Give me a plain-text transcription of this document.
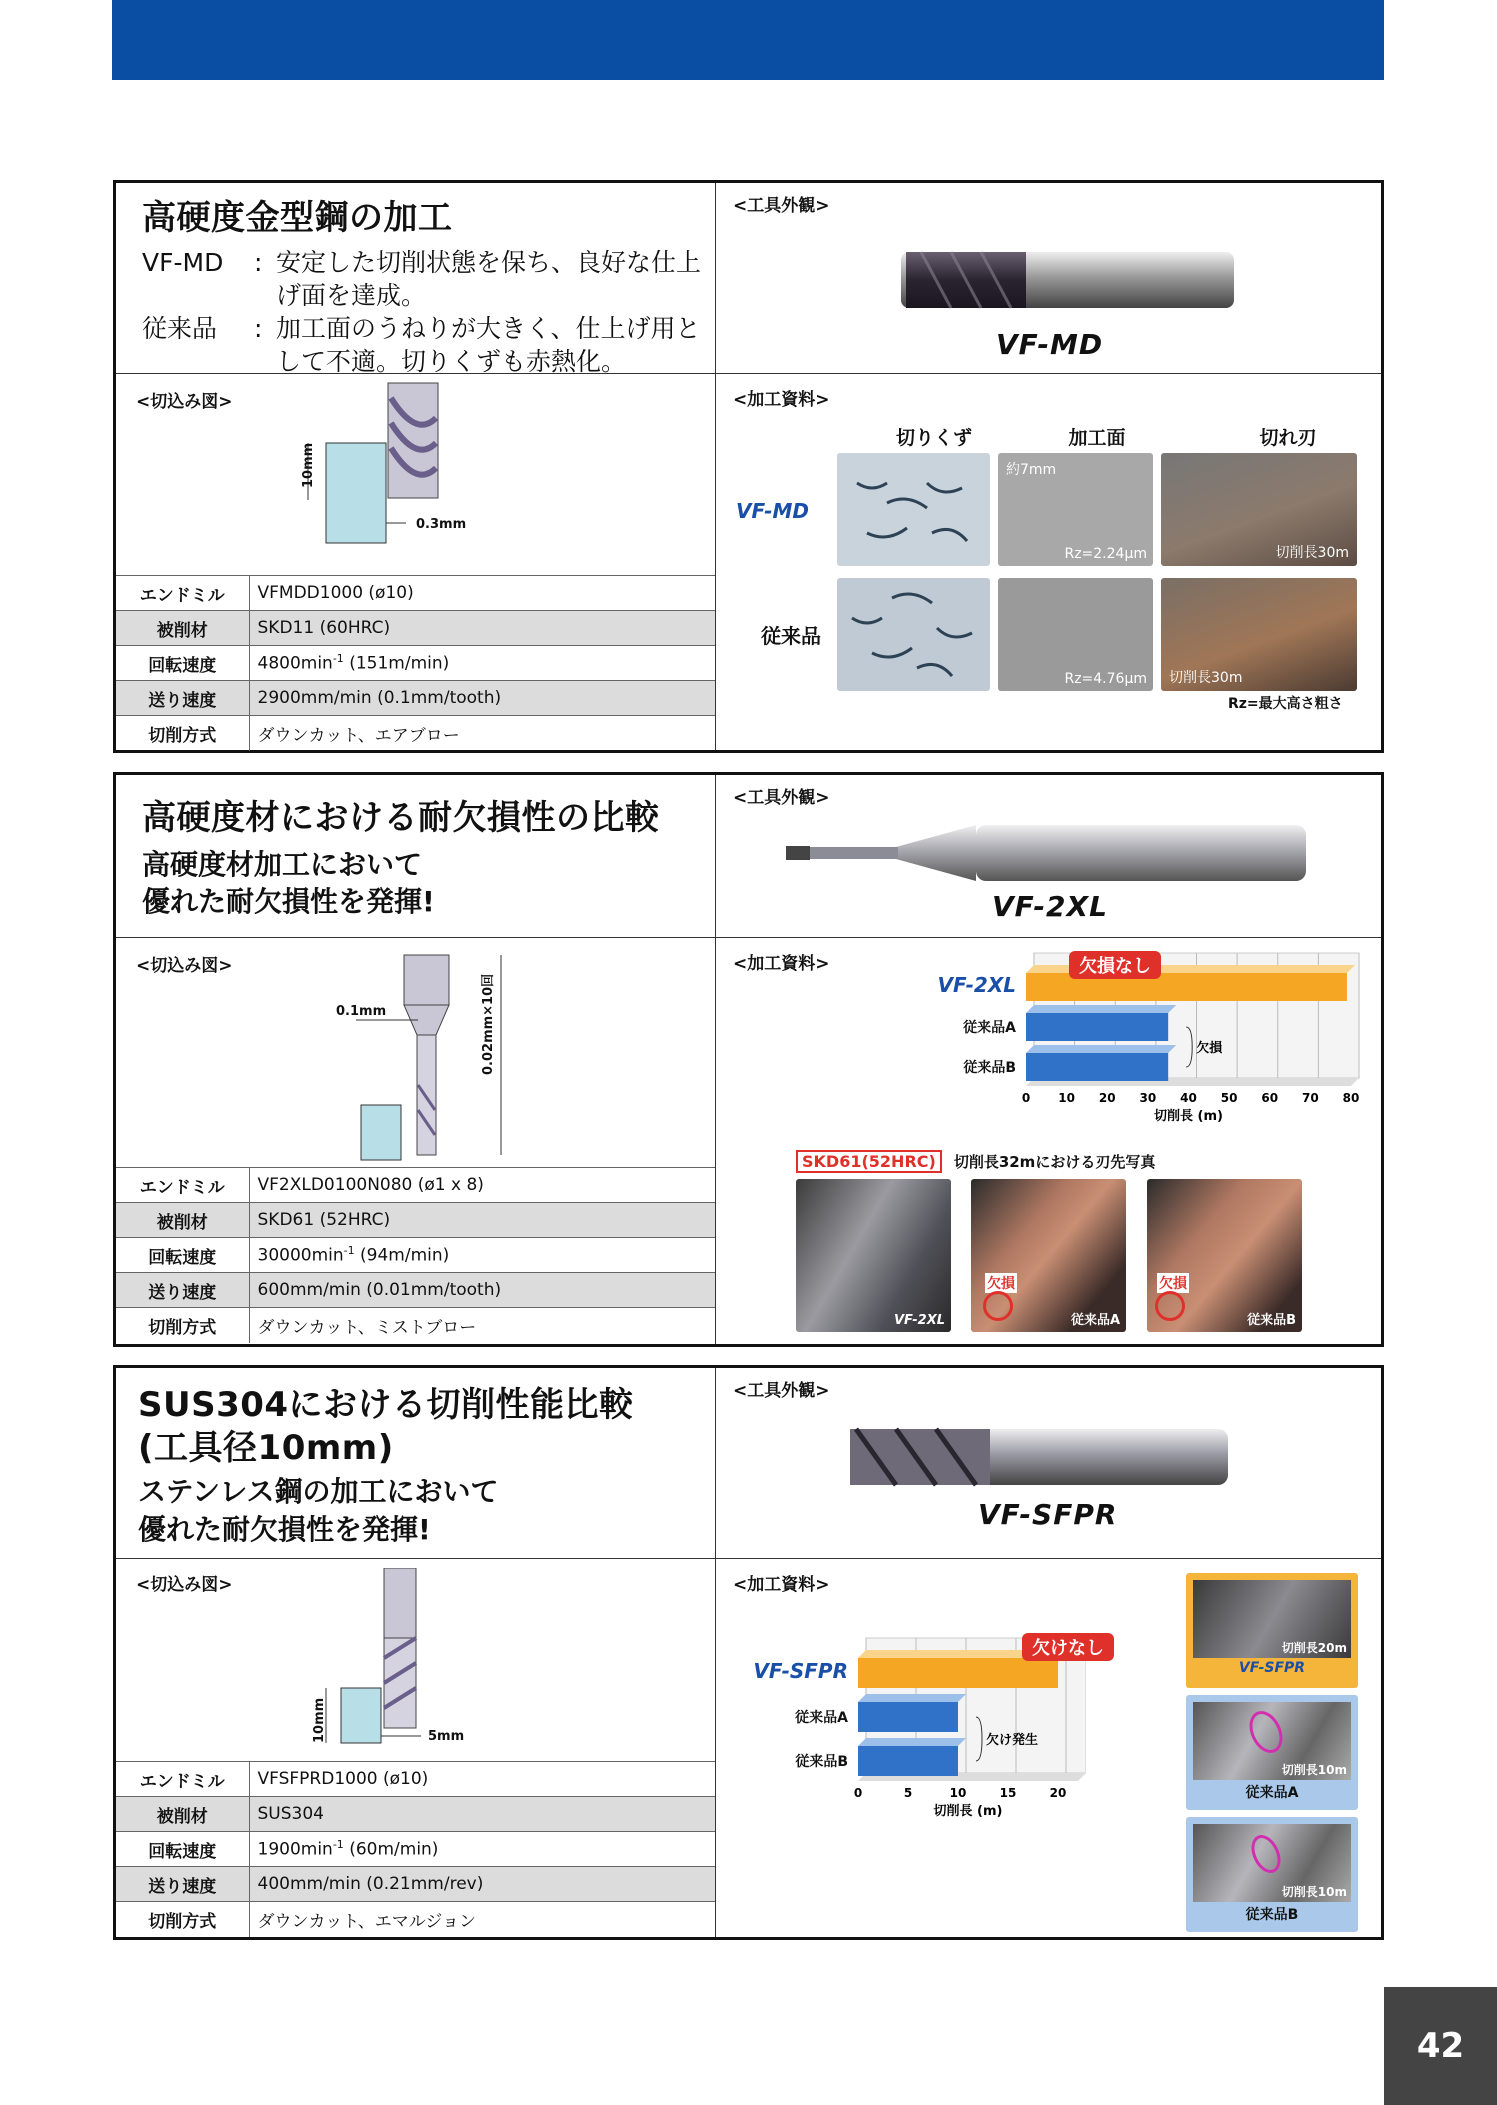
高硬度金型鋼の加工
VF-MD	: 安定した切削状態を保ち、良好な仕上げ面を達成。
従来品	: 加工面のうねりが大きく、仕上げ用として不適。切りくずも赤熱化。
<工具外観>
VF-MD
<切込み図>
10mm
0.3mm
エンドミル	VFMDD1000 (ø10)
被削材	SKD11 (60HRC)
回転速度	$4800\min^{-1}$ (151m/min)
送り速度	2900mm/min (0.1mm/tooth)
切削方式	ダウンカット、エアブロー
<加工資料>
切りくず	加工面	切れ刃
VF-MD
従来品
約7mm
Rz=2.24μm	切削長30m
Rz=4.76μm 切削長30m
Rz=最大高さ粗さ
高硬度材における耐欠損性の比較
高硬度材加工において
優れた耐欠損性を発揮!
<工具外観>
VF-2XL
<切込み図>
0.1mm	0.02mm×10回
エンドミル	VF2XLD0100N080 (ø1 x 8)
被削材	SKD61 (52HRC)
回転速度	$30000\min^{-1}$ (94m/min)
送り速度	600mm/min (0.01mm/tooth)
切削方式	ダウンカット、ミストブロー
<加工資料>
0 10 20 30 40 50 60 70 80
切削長 (m)
VF-2XL
従来品A
従来品B
欠損
欠損なし
SKD61(52HRC)	切削長32mにおける刃先写真
VF-2XL
欠損
従来品A
欠損
従来品B
SUS304における切削性能比較
(工具径10mm)
ステンレス鋼の加工において
優れた耐欠損性を発揮!
<工具外観>
VF-SFPR
<切込み図>
10mm	5mm
エンドミル	VFSFPRD1000 (ø10)
被削材	SUS304
回転速度	$1900\min^{-1}$ (60m/min)
送り速度	400mm/min (0.21mm/rev)
切削方式	ダウンカット、エマルジョン
<加工資料>
0	5	10	15	20
切削長 (m)
VF-SFPR
従来品A
従来品B
欠け発生
欠けなし	切削長20m
VF-SFPR
切削長10m
従来品A
切削長10m
従来品B
42
